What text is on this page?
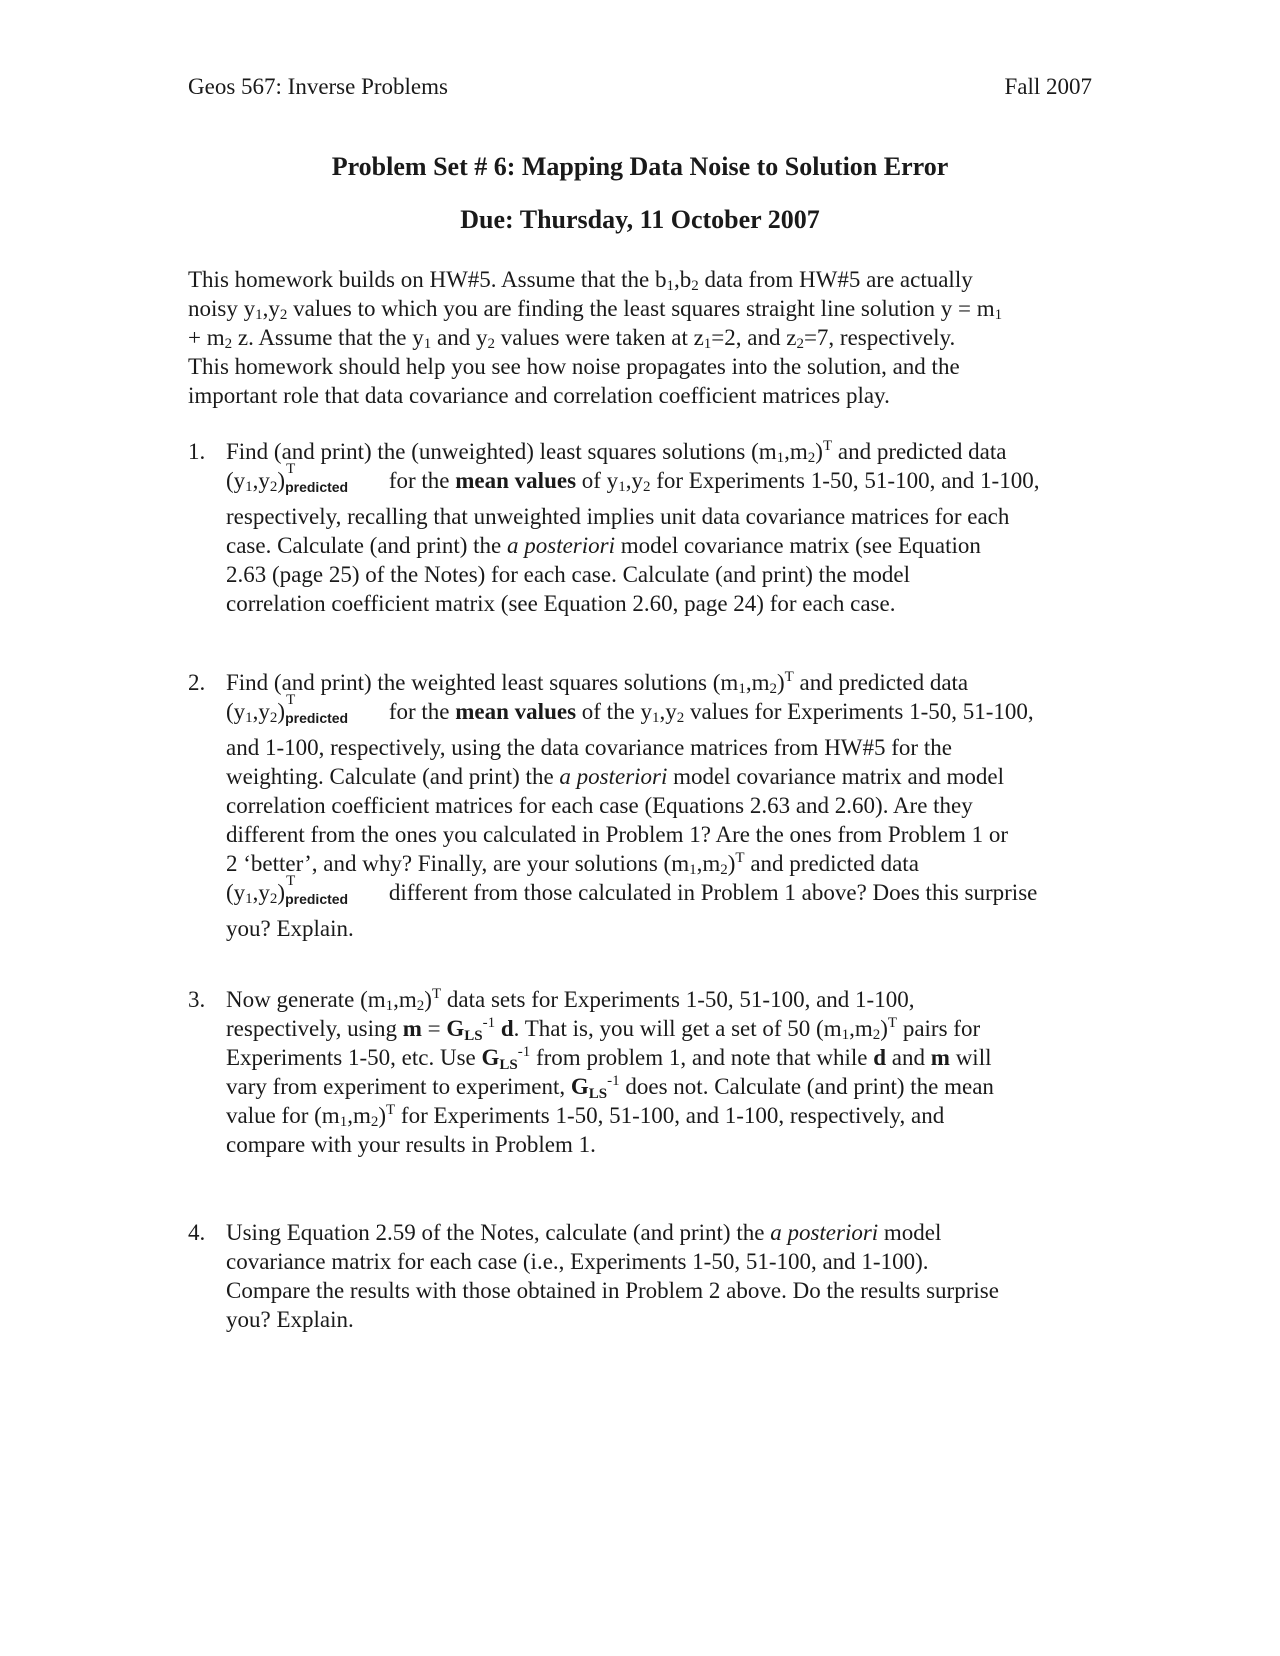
Geos 567: Inverse Problems	Fall 2007
Problem Set # 6: Mapping Data Noise to Solution Error
Due: Thursday, 11 October 2007
This homework builds on HW#5. Assume that the $b_1,b_2$ data from HW#5 are actually
noisy $y_1,y_2$ values to which you are finding the least squares straight line solution $y = m_1$
+ $m_2$ z. Assume that the $y_1$ and $y_2$ values were taken at $z_1=2$, and $z_2=7$, respectively.
This homework should help you see how noise propagates into the solution, and the
important role that data covariance and correlation coefficient matrices play.
1. Find (and print) the (unweighted) least squares solutions $(m_1,m_2)^T$ and predicted data
$(y_1,y_2)$ T
predicted for the mean values of $y_1,y_2$ for Experiments 1-50, 51-100, and 1-100,
respectively, recalling that unweighted implies unit data covariance matrices for each
case. Calculate (and print) the a posteriori model covariance matrix (see Equation
2.63 (page 25) of the Notes) for each case. Calculate (and print) the model
correlation coefficient matrix (see Equation 2.60, page 24) for each case.
2. Find (and print) the weighted least squares solutions $(m_1,m_2)^T$ and predicted data
$(y_1,y_2)$ T
predicted for the mean values of the $y_1,y_2$ values for Experiments 1-50, 51-100,
and 1-100, respectively, using the data covariance matrices from HW#5 for the
weighting. Calculate (and print) the a posteriori model covariance matrix and model
correlation coefficient matrices for each case (Equations 2.63 and 2.60). Are they
different from the ones you calculated in Problem 1? Are the ones from Problem 1 or
2 ‘better’, and why? Finally, are your solutions $(m_1,m_2)^T$ and predicted data
$(y_1,y_2)$ T
predicted different from those calculated in Problem 1 above? Does this surprise
you? Explain.
3. Now generate $(m_1,m_2)^T$ data sets for Experiments 1-50, 51-100, and 1-100,
respectively, using $m = GLS^{-1}$ d. That is, you will get a set of 50 $(m_1,m_2)^T$ pairs for
Experiments 1-50, etc. Use $GLS^{-1}$ from problem 1, and note that while d and m will
vary from experiment to experiment, $GLS^{-1}$ does not. Calculate (and print) the mean
value for $(m_1,m_2)^T$ for Experiments 1-50, 51-100, and 1-100, respectively, and
compare with your results in Problem 1.
4. Using Equation 2.59 of the Notes, calculate (and print) the a posteriori model
covariance matrix for each case (i.e., Experiments 1-50, 51-100, and 1-100).
Compare the results with those obtained in Problem 2 above. Do the results surprise
you? Explain.
